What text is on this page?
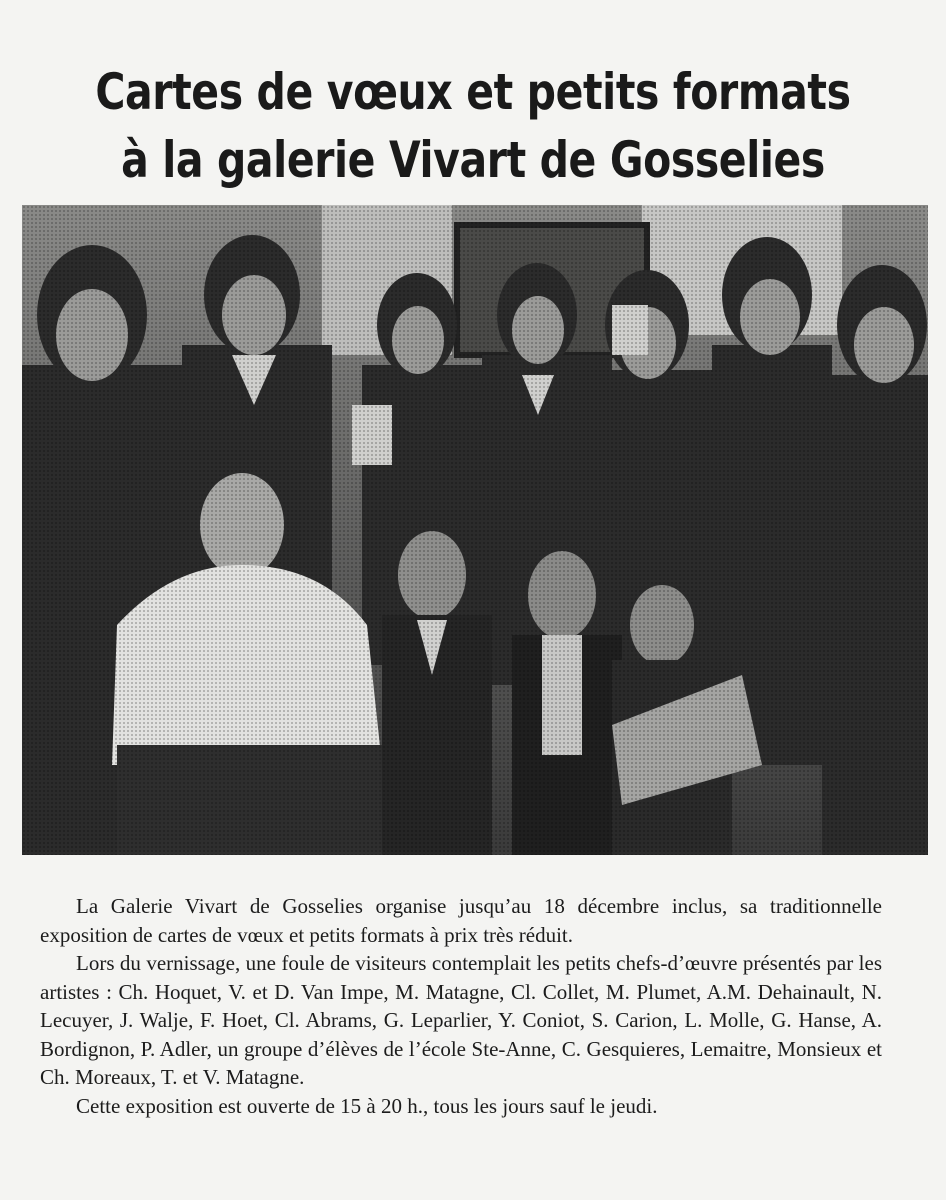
Cartes de vœux et petits formats
à la galerie Vivart de Gosselies

La Galerie Vivart de Gosselies organise jusqu’au 18 décembre inclus, sa traditionnelle exposition de cartes de vœux et petits formats à prix très réduit.

Lors du vernissage, une foule de visiteurs contemplait les petits chefs-d’œuvre présentés par les artistes : Ch. Hoquet, V. et D. Van Impe, M. Matagne, Cl. Collet, M. Plumet, A.M. Dehainault, N. Lecuyer, J. Walje, F. Hoet, Cl. Abrams, G. Leparlier, Y. Coniot, S. Carion, L. Molle, G. Hanse, A. Bordignon, P. Adler, un groupe d’élèves de l’école Ste-Anne, C. Gesquieres, Lemaitre, Monsieux et Ch. Moreaux, T. et V. Matagne.

Cette exposition est ouverte de 15 à 20 h., tous les jours sauf le jeudi.
